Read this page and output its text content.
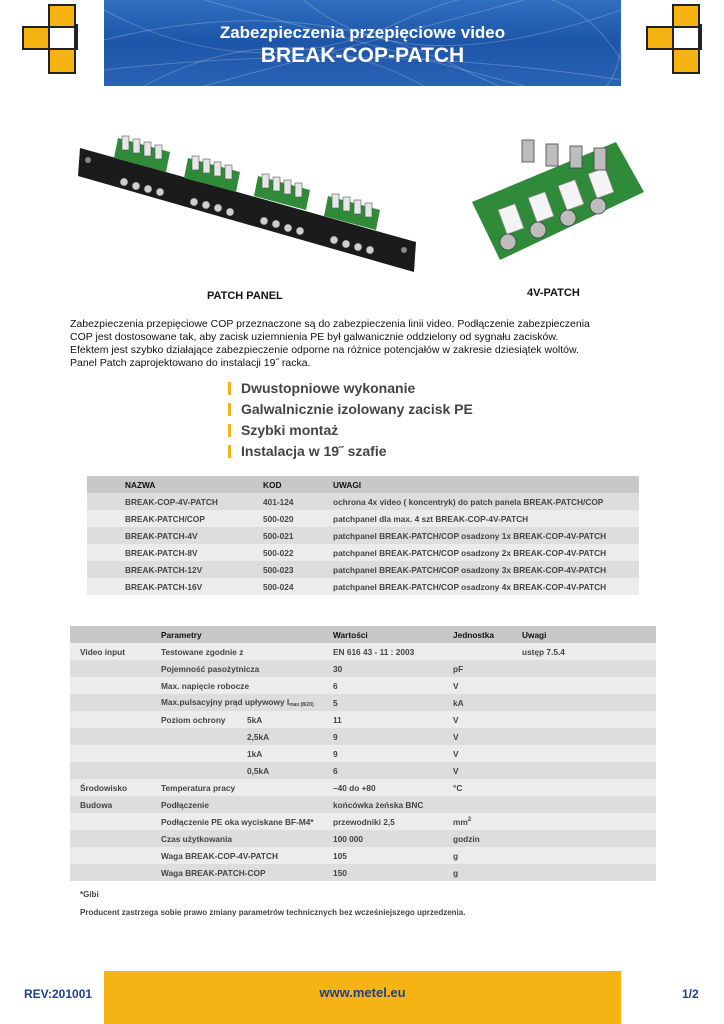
Zabezpieczenia przepięciowe video
BREAK-COP-PATCH
PATCH PANEL	4V-PATCH

Zabezpieczenia przepięciowe COP przeznaczone są do zabezpieczenia linii video. Podłączenie zabezpieczenia

COP jest dostosowane tak, aby zacisk uziemnienia PE był galwanicznie oddzielony od sygnału zacisków.

Efektem jest szybko działające zabezpieczenie odporne na różnice potencjałów w zakresie dziesiątek woltów.

Panel Patch zaprojektowano do instalacji 19˝ racka.

Dwustopniowe wykonanie
Galwalnicznie izolowany zacisk PE
Szybki montaż
Instalacja w 19˝ szafie
NAZWA	KOD	UWAGI
BREAK-COP-4V-PATCH	401-124	ochrona 4x video ( koncentryk) do patch panela BREAK-PATCH/COP
BREAK-PATCH/COP	500-020	patchpanel dla max. 4 szt BREAK-COP-4V-PATCH
BREAK-PATCH-4V	500-021	patchpanel BREAK-PATCH/COP osadzony 1x BREAK-COP-4V-PATCH
BREAK-PATCH-8V	500-022	patchpanel BREAK-PATCH/COP osadzony 2x BREAK-COP-4V-PATCH
BREAK-PATCH-12V	500-023	patchpanel BREAK-PATCH/COP osadzony 3x BREAK-COP-4V-PATCH
BREAK-PATCH-16V	500-024	patchpanel BREAK-PATCH/COP osadzony 4x BREAK-COP-4V-PATCH
	Parametry	Wartości	Jednostka	Uwagi
Video input	Testowane zgodnie z	EN 616 43 - 11 : 2003		ustęp 7.5.4
	Pojemność pasożytnicza	30	pF	
	Max. napięcie robocze	6	V	
	Max.pulsacyjny prąd upływowy $I_{max (8/20)}$	5	kA	
	Poziom ochrony 5kA	11	V	
	2,5kA	9	V	
	1kA	9	V	
	0,5kA	6	V	
Środowisko	Temperatura pracy	–40 do +80	°C	
Budowa	Podłączenie	końcówka żeńska BNC		
	Podłączenie PE oka wyciskane BF-M4*	przewodniki 2,5	$mm^2$	
	Czas użytkowania	100 000	godzin	
	Waga BREAK-COP-4V-PATCH	105	g	
	Waga BREAK-PATCH-COP	150	g	
*Gibi
Producent zastrzega sobie prawo zmiany parametrów technicznych bez wcześniejszego uprzedzenia.
REV:201001	www.metel.eu	1/2
